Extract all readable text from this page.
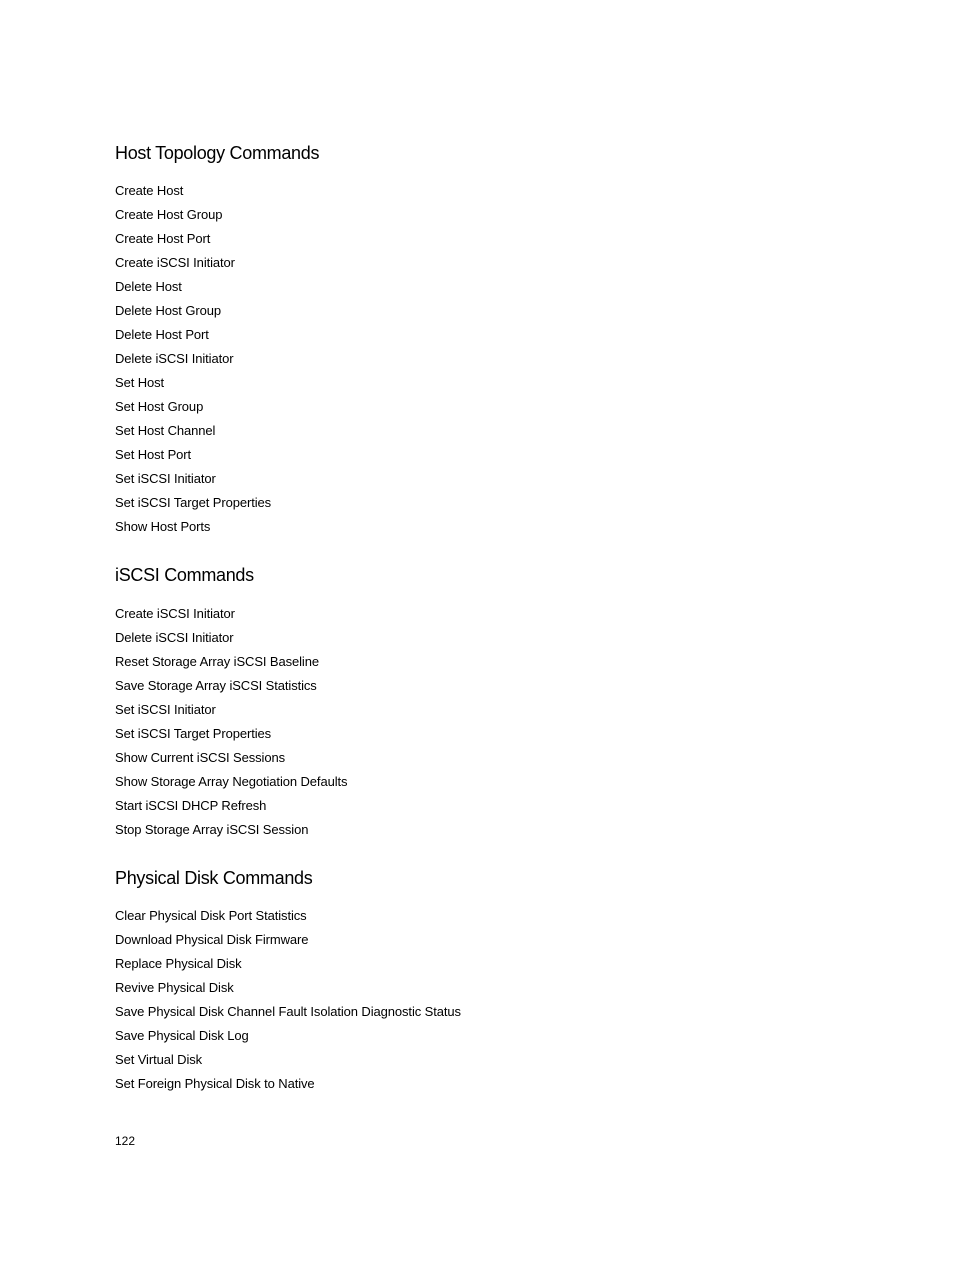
Host Topology Commands
Create Host
Create Host Group
Create Host Port
Create iSCSI Initiator
Delete Host
Delete Host Group
Delete Host Port
Delete iSCSI Initiator
Set Host
Set Host Group
Set Host Channel
Set Host Port
Set iSCSI Initiator
Set iSCSI Target Properties
Show Host Ports
iSCSI Commands
Create iSCSI Initiator
Delete iSCSI Initiator
Reset Storage Array iSCSI Baseline
Save Storage Array iSCSI Statistics
Set iSCSI Initiator
Set iSCSI Target Properties
Show Current iSCSI Sessions
Show Storage Array Negotiation Defaults
Start iSCSI DHCP Refresh
Stop Storage Array iSCSI Session
Physical Disk Commands
Clear Physical Disk Port Statistics
Download Physical Disk Firmware
Replace Physical Disk
Revive Physical Disk
Save Physical Disk Channel Fault Isolation Diagnostic Status
Save Physical Disk Log
Set Virtual Disk
Set Foreign Physical Disk to Native
122
